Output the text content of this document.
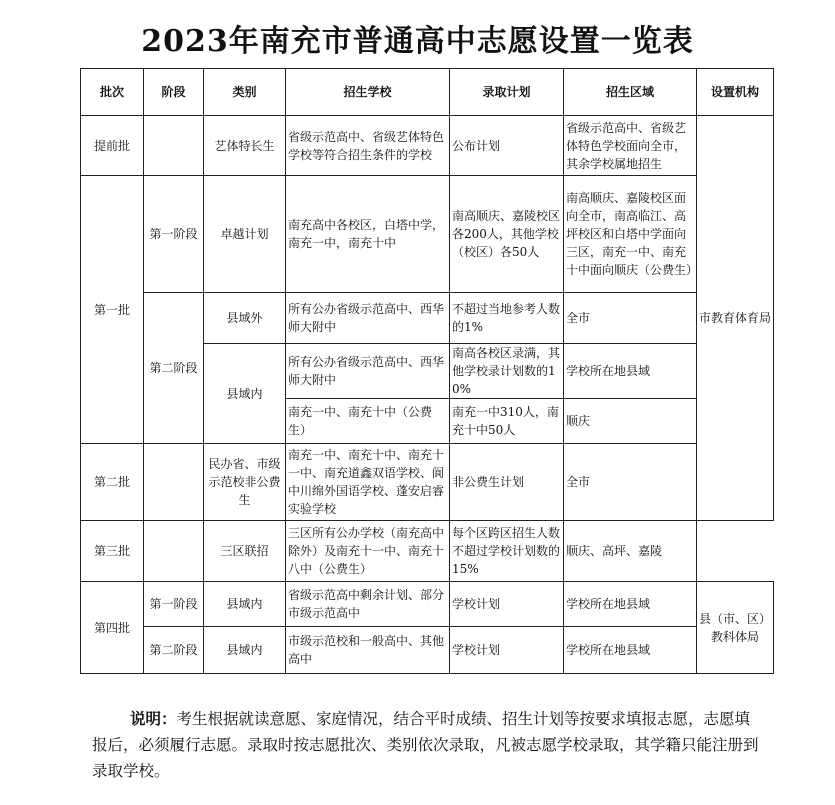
2023年南充市普通高中志愿设置一览表
批次	阶段	类别	招生学校	录取计划	招生区域	设置机构
提前批		艺体特长生	省级示范高中、省级艺体特色学校等符合招生条件的学校	公布计划	省级示范高中、省级艺体特色学校面向全市，其余学校属地招生	市教育体育局
第一批	第一阶段	卓越计划	南充高中各校区，白塔中学，南充一中，南充十中	南高顺庆、嘉陵校区各200人，其他学校（校区）各50人	南高顺庆、嘉陵校区面向全市，南高临江、高坪校区和白塔中学面向三区，南充一中、南充十中面向顺庆（公费生）	
	第二阶段	县域外	所有公办省级示范高中、西华师大附中	不超过当地参考人数的1%	全市	
		县域内	所有公办省级示范高中、西华师大附中	南高各校区录满，其他学校录计划数的10%	学校所在地县域	
			南充一中、南充十中（公费生）	南充一中310人，南充十中50人	顺庆	
第二批		民办省、市级示范校非公费生	南充一中、南充十中、南充十一中、南充道鑫双语学校、阆中川绵外国语学校、蓬安启睿实验学校	非公费生计划	全市	
第三批		三区联招	三区所有公办学校（南充高中除外）及南充十一中、南充十八中（公费生）	每个区跨区招生人数不超过学校计划数的15%	顺庆、高坪、嘉陵	
第四批	第一阶段	县域内	省级示范高中剩余计划、部分市级示范高中	学校计划	学校所在地县域	县（市、区）教科体局
	第二阶段	县域内	市级示范校和一般高中、其他高中	学校计划	学校所在地县域	
说明：考生根据就读意愿、家庭情况，结合平时成绩、招生计划等按要求填报志愿，志愿填报后，必须履行志愿。录取时按志愿批次、类别依次录取，凡被志愿学校录取，其学籍只能注册到录取学校。
